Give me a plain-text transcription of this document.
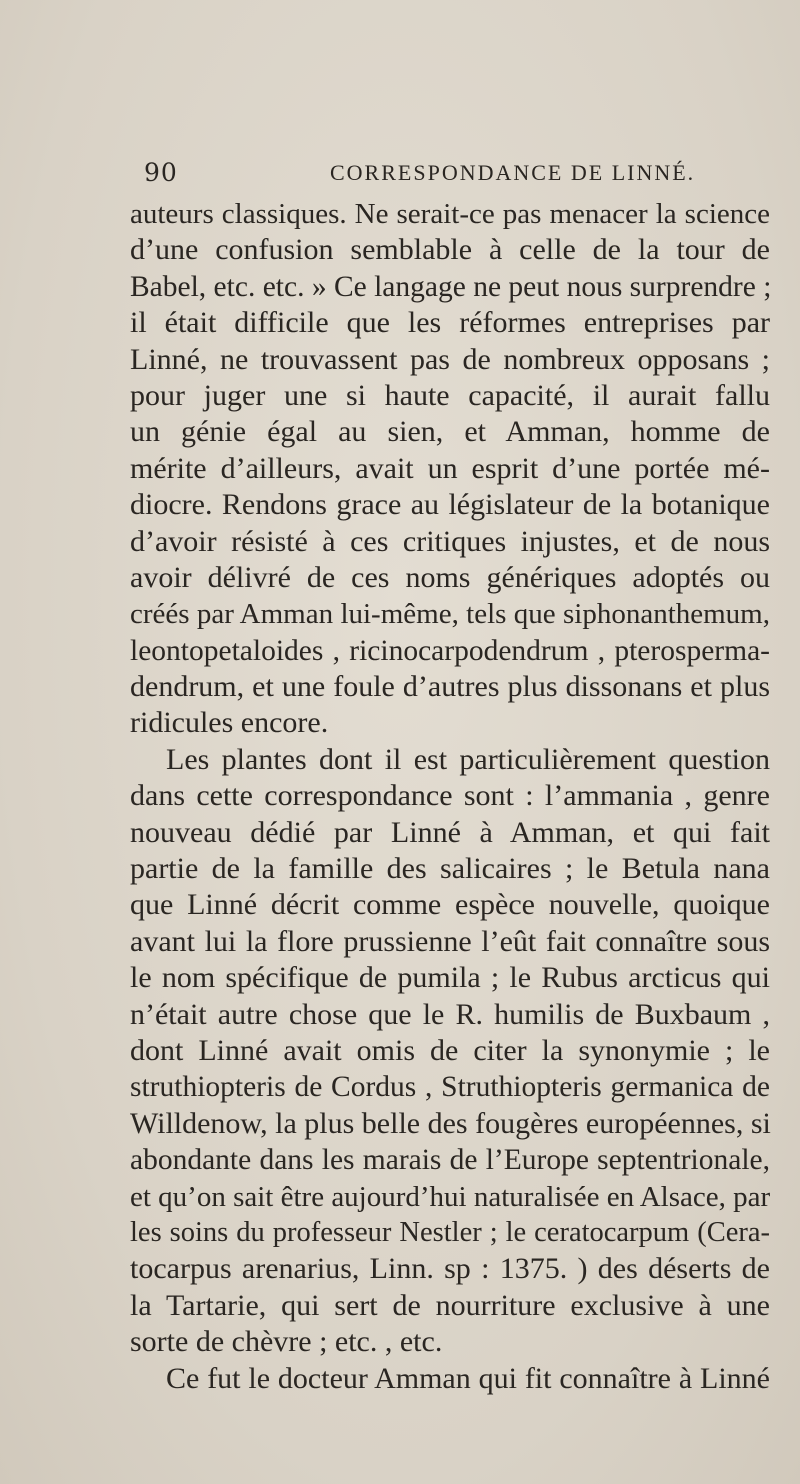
90	CORRESPONDANCE DE LINNÉ.
auteurs classiques. Ne serait-ce pas menacer la science
d’une confusion semblable à celle de la tour de
Babel, etc. etc. » Ce langage ne peut nous surprendre ;
il était difficile que les réformes entreprises par
Linné, ne trouvassent pas de nombreux opposans ;
pour juger une si haute capacité, il aurait fallu
un génie égal au sien, et Amman, homme de
mérite d’ailleurs, avait un esprit d’une portée mé-
diocre. Rendons grace au législateur de la botanique
d’avoir résisté à ces critiques injustes, et de nous
avoir délivré de ces noms génériques adoptés ou
créés par Amman lui-même, tels que siphonanthemum,
leontopetaloides , ricinocarpodendrum , pterosperma-
dendrum, et une foule d’autres plus dissonans et plus
ridicules encore.
Les plantes dont il est particulièrement question
dans cette correspondance sont : l’ammania , genre
nouveau dédié par Linné à Amman, et qui fait
partie de la famille des salicaires ; le Betula nana
que Linné décrit comme espèce nouvelle, quoique
avant lui la flore prussienne l’eût fait connaître sous
le nom spécifique de pumila ; le Rubus arcticus qui
n’était autre chose que le R. humilis de Buxbaum ,
dont Linné avait omis de citer la synonymie ; le
struthiopteris de Cordus , Struthiopteris germanica de
Willdenow, la plus belle des fougères européennes, si
abondante dans les marais de l’Europe septentrionale,
et qu’on sait être aujourd’hui naturalisée en Alsace, par
les soins du professeur Nestler ; le ceratocarpum (Cera-
tocarpus arenarius, Linn. sp : 1375. ) des déserts de
la Tartarie, qui sert de nourriture exclusive à une
sorte de chèvre ; etc. , etc.
Ce fut le docteur Amman qui fit connaître à Linné
